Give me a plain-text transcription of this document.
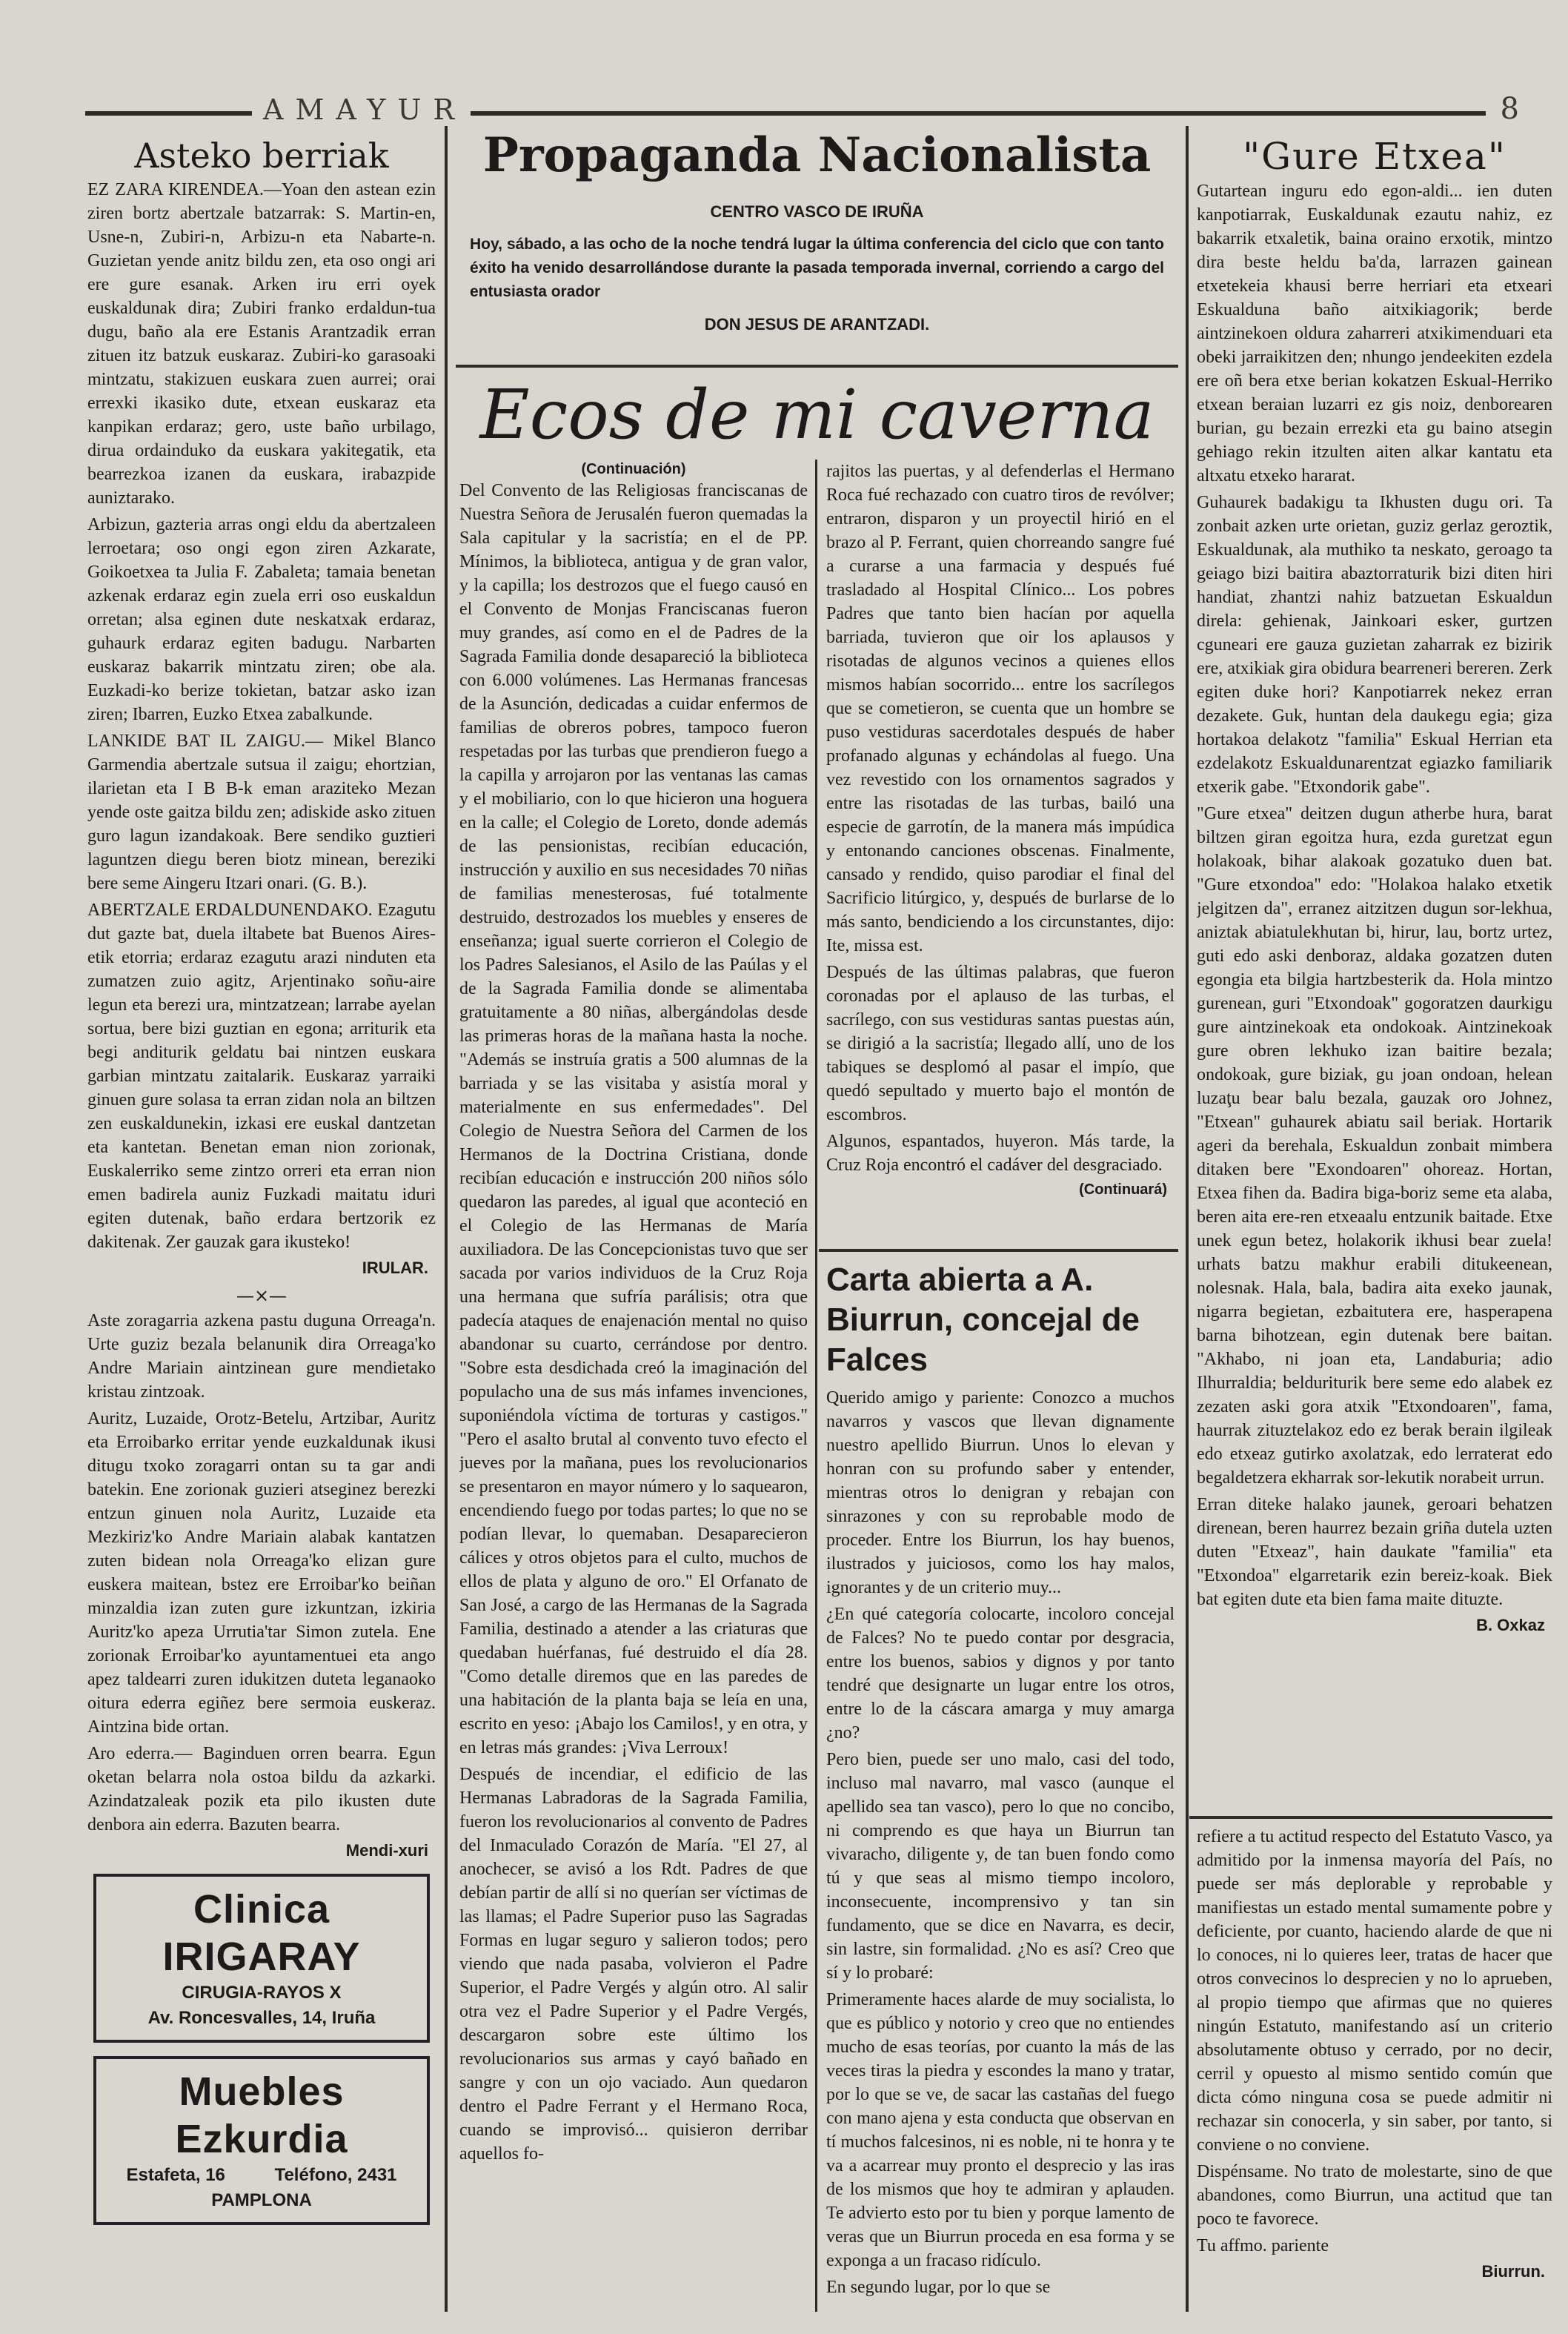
AMAYUR	8
Asteko berriak

EZ ZARA KIRENDEA.—Yoan den astean ezin ziren bortz abertzale batzarrak: S. Martin-en, Usne-n, Zubiri-n, Arbizu-n eta Nabarte-n. Guzietan yende anitz bildu zen, eta oso ongi ari ere gure esanak. Arken iru erri oyek euskaldunak dira; Zubiri franko erdaldun-tua dugu, baño ala ere Estanis Arantzadik erran zituen itz batzuk euskaraz. Zubiri-ko garasoaki mintzatu, stakizuen euskara zuen aurrei; orai errexki ikasiko dute, etxean euskaraz eta kanpikan erdaraz; gero, uste baño urbilago, dirua ordainduko da euskara yakitegatik, eta bearrezkoa izanen da euskara, irabazpide auniztarako.

Arbizun, gazteria arras ongi eldu da abertzaleen lerroetara; oso ongi egon ziren Azkarate, Goikoetxea ta Julia F. Zabaleta; tamaia benetan azkenak erdaraz egin zuela erri oso euskaldun orretan; alsa eginen dute neskatxak erdaraz, guhaurk erdaraz egiten badugu. Narbarten euskaraz bakarrik mintzatu ziren; obe ala. Euzkadi-ko berize tokietan, batzar asko izan ziren; Ibarren, Euzko Etxea zabalkunde.

LANKIDE BAT IL ZAIGU.— Mikel Blanco Garmendia abertzale sutsua il zaigu; ehortzian, ilarietan eta I B B-k eman araziteko Mezan yende oste gaitza bildu zen; adiskide asko zituen guro lagun izandakoak. Bere sendiko guztieri laguntzen diegu beren biotz minean, bereziki bere seme Aingeru Itzari onari. (G. B.).

ABERTZALE ERDALDUNENDAKO. Ezagutu dut gazte bat, duela iltabete bat Buenos Aires-etik etorria; erdaraz ezagutu arazi ninduten eta zumatzen zuio agitz, Arjentinako soñu-aire legun eta berezi ura, mintzatzean; larrabe ayelan sortua, bere bizi guztian en egona; arriturik eta begi anditurik geldatu bai nintzen euskara garbian mintzatu zaitalarik. Euskaraz yarraiki ginuen gure solasa ta erran zidan nola an biltzen zen euskaldunekin, izkasi ere euskal dantzetan eta kantetan. Benetan eman nion zorionak, Euskalerriko seme zintzo orreri eta erran nion emen badirela auniz Fuzkadi maitatu iduri egiten dutenak, baño erdara bertzorik ez dakitenak. Zer gauzak gara ikusteko!

IRULAR.
—×—

Aste zoragarria azkena pastu duguna Orreaga'n. Urte guziz bezala belanunik dira Orreaga'ko Andre Mariain aintzinean gure mendietako kristau zintzoak.

Auritz, Luzaide, Orotz-Betelu, Artzibar, Auritz eta Erroibarko erritar yende euzkaldunak ikusi ditugu txoko zoragarri ontan su ta gar andi batekin. Ene zorionak guzieri atseginez berezki entzun ginuen nola Auritz, Luzaide eta Mezkiriz'ko Andre Mariain alabak kantatzen zuten bidean nola Orreaga'ko elizan gure euskera maitean, bstez ere Erroibar'ko beiñan minzaldia izan zuten gure izkuntzan, izkiria Auritz'ko apeza Urrutia'tar Simon zutela. Ene zorionak Erroibar'ko ayuntamentuei eta ango apez taldearri zuren idukitzen duteta leganaoko oitura ederra egiñez bere sermoia euskeraz. Aintzina bide ortan.

Aro ederra.— Baginduen orren bearra. Egun oketan belarra nola ostoa bildu da azkarki. Azindatzaleak pozik eta pilo ikusten dute denbora ain ederra. Bazuten bearra.

Mendi-xuri
Clinica IRIGARAY
CIRUGIA-RAYOS X
Av. Roncesvalles, 14, Iruña
Muebles Ezkurdia
Estafeta, 16          Teléfono, 2431
PAMPLONA
Propaganda Nacionalista
CENTRO VASCO DE IRUÑA

Hoy, sábado, a las ocho de la noche tendrá lugar la última conferencia del ciclo que con tanto éxito ha venido desarrollándose durante la pasada temporada invernal, corriendo a cargo del entusiasta orador

DON JESUS DE ARANTZADI.
Ecos de mi caverna
(Continuación)

Del Convento de las Religiosas franciscanas de Nuestra Señora de Jerusalén fueron quemadas la Sala capitular y la sacristía; en el de PP. Mínimos, la biblioteca, antigua y de gran valor, y la capilla; los destrozos que el fuego causó en el Convento de Monjas Franciscanas fueron muy grandes, así como en el de Padres de la Sagrada Familia donde desapareció la biblioteca con 6.000 volúmenes. Las Hermanas francesas de la Asunción, dedicadas a cuidar enfermos de familias de obreros pobres, tampoco fueron respetadas por las turbas que prendieron fuego a la capilla y arrojaron por las ventanas las camas y el mobiliario, con lo que hicieron una hoguera en la calle; el Colegio de Loreto, donde además de las pensionistas, recibían educación, instrucción y auxilio en sus necesidades 70 niñas de familias menesterosas, fué totalmente destruido, destrozados los muebles y enseres de enseñanza; igual suerte corrieron el Colegio de los Padres Salesianos, el Asilo de las Paúlas y el de la Sagrada Familia donde se alimentaba gratuitamente a 80 niñas, albergándolas desde las primeras horas de la mañana hasta la noche. "Además se instruía gratis a 500 alumnas de la barriada y se las visitaba y asistía moral y materialmente en sus enfermedades". Del Colegio de Nuestra Señora del Carmen de los Hermanos de la Doctrina Cristiana, donde recibían educación e instrucción 200 niños sólo quedaron las paredes, al igual que aconteció en el Colegio de las Hermanas de María auxiliadora. De las Concepcionistas tuvo que ser sacada por varios individuos de la Cruz Roja una hermana que sufría parálisis; otra que padecía ataques de enajenación mental no quiso abandonar su cuarto, cerrándose por dentro. "Sobre esta desdichada creó la imaginación del populacho una de sus más infames invenciones, suponiéndola víctima de torturas y castigos." "Pero el asalto brutal al convento tuvo efecto el jueves por la mañana, pues los revolucionarios se presentaron en mayor número y lo saquearon, encendiendo fuego por todas partes; lo que no se podían llevar, lo quemaban. Desaparecieron cálices y otros objetos para el culto, muchos de ellos de plata y alguno de oro." El Orfanato de San José, a cargo de las Hermanas de la Sagrada Familia, destinado a atender a las criaturas que quedaban huérfanas, fué destruido el día 28. "Como detalle diremos que en las paredes de una habitación de la planta baja se leía en una, escrito en yeso: ¡Abajo los Camilos!, y en otra, y en letras más grandes: ¡Viva Lerroux!

Después de incendiar, el edificio de las Hermanas Labradoras de la Sagrada Familia, fueron los revolucionarios al convento de Padres del Inmaculado Corazón de María. "El 27, al anochecer, se avisó a los Rdt. Padres de que debían partir de allí si no querían ser víctimas de las llamas; el Padre Superior puso las Sagradas Formas en lugar seguro y salieron todos; pero viendo que nada pasaba, volvieron el Padre Superior, el Padre Vergés y algún otro. Al salir otra vez el Padre Superior y el Padre Vergés, descargaron sobre este último los revolucionarios sus armas y cayó bañado en sangre y con un ojo vaciado. Aun quedaron dentro el Padre Ferrant y el Hermano Roca, cuando se improvisó... quisieron derribar aquellos fo-

rajitos las puertas, y al defenderlas el Hermano Roca fué rechazado con cuatro tiros de revólver; entraron, disparon y un proyectil hirió en el brazo al P. Ferrant, quien chorreando sangre fué a curarse a una farmacia y después fué trasladado al Hospital Clínico... Los pobres Padres que tanto bien hacían por aquella barriada, tuvieron que oir los aplausos y risotadas de algunos vecinos a quienes ellos mismos habían socorrido... entre los sacrílegos que se cometieron, se cuenta que un hombre se puso vestiduras sacerdotales después de haber profanado algunas y echándolas al fuego. Una vez revestido con los ornamentos sagrados y entre las risotadas de las turbas, bailó una especie de garrotín, de la manera más impúdica y entonando canciones obscenas. Finalmente, cansado y rendido, quiso parodiar el final del Sacrificio litúrgico, y, después de burlarse de lo más santo, bendiciendo a los circunstantes, dijo: Ite, missa est.

Después de las últimas palabras, que fueron coronadas por el aplauso de las turbas, el sacrílego, con sus vestiduras santas puestas aún, se dirigió a la sacristía; llegado allí, uno de los tabiques se desplomó al pasar el impío, que quedó sepultado y muerto bajo el montón de escombros.

Algunos, espantados, huyeron. Más tarde, la Cruz Roja encontró el cadáver del desgraciado.

(Continuará)
Carta abierta a A. Biurrun, concejal de Falces

Querido amigo y pariente: Conozco a muchos navarros y vascos que llevan dignamente nuestro apellido Biurrun. Unos lo elevan y honran con su profundo saber y entender, mientras otros lo denigran y rebajan con sinrazones y con su reprobable modo de proceder. Entre los Biurrun, los hay buenos, ilustrados y juiciosos, como los hay malos, ignorantes y de un criterio muy...

¿En qué categoría colocarte, incoloro concejal de Falces? No te puedo contar por desgracia, entre los buenos, sabios y dignos y por tanto tendré que designarte un lugar entre los otros, entre lo de la cáscara amarga y muy amarga ¿no?

Pero bien, puede ser uno malo, casi del todo, incluso mal navarro, mal vasco (aunque el apellido sea tan vasco), pero lo que no concibo, ni comprendo es que haya un Biurrun tan vivaracho, diligente y, de tan buen fondo como tú y que seas al mismo tiempo incoloro, inconsecuente, incomprensivo y tan sin fundamento, que se dice en Navarra, es decir, sin lastre, sin formalidad. ¿No es así? Creo que sí y lo probaré:

Primeramente haces alarde de muy socialista, lo que es público y notorio y creo que no entiendes mucho de esas teorías, por cuanto la más de las veces tiras la piedra y escondes la mano y tratar, por lo que se ve, de sacar las castañas del fuego con mano ajena y esta conducta que observan en tí muchos falcesinos, ni es noble, ni te honra y te va a acarrear muy pronto el desprecio y las iras de los mismos que hoy te admiran y aplauden. Te advierto esto por tu bien y porque lamento de veras que un Biurrun proceda en esa forma y se exponga a un fracaso ridículo.

En segundo lugar, por lo que se

"Gure Etxea"

Gutartean inguru edo egon-aldi... ien duten kanpotiarrak, Euskaldunak ezautu nahiz, ez bakarrik etxaletik, baina oraino erxotik, mintzo dira beste heldu ba'da, larrazen gainean etxetekeia khausi berre herriari eta etxeari Eskualduna baño aitxikiagorik; berde aintzinekoen oldura zaharreri atxikimenduari eta obeki jarraikitzen den; nhungo jendeekiten ezdela ere oñ bera etxe berian kokatzen Eskual-Herriko etxean beraian luzarri ez gis noiz, denborearen burian, gu bezain errezki eta gu baino atsegin gehiago rekin itzulten aiten alkar kantatu eta altxatu etxeko hararat.

Guhaurek badakigu ta Ikhusten dugu ori. Ta zonbait azken urte orietan, guziz gerlaz geroztik, Eskualdunak, ala muthiko ta neskato, geroago ta geiago bizi baitira abaztorraturik bizi diten hiri handiat, zhantzi nahiz batzuetan Eskualdun direla: gehienak, Jainkoari esker, gurtzen cguneari ere gauza guzietan zaharrak ez bizirik ere, atxikiak gira obidura bearreneri bereren. Zerk egiten duke hori? Kanpotiarrek nekez erran dezakete. Guk, huntan dela daukegu egia; giza hortakoa delakotz "familia" Eskual Herrian eta ezdelakotz Eskualdunarentzat egiazko familiarik etxerik gabe. "Etxondorik gabe".

"Gure etxea" deitzen dugun atherbe hura, barat biltzen giran egoitza hura, ezda guretzat egun holakoak, bihar alakoak gozatuko duen bat. "Gure etxondoa" edo: "Holakoa halako etxetik jelgitzen da", erranez aitzitzen dugun sor-lekhua, aniztak abiatulekhutan bi, hirur, lau, bortz urtez, guti edo aski denboraz, aldaka gozatzen duten egongia eta bilgia hartzbesterik da. Hola mintzo gurenean, guri "Etxondoak" gogoratzen daurkigu gure aintzinekoak eta ondokoak. Aintzinekoak gure obren lekhuko izan baitire bezala; ondokoak, gure biziak, gu joan ondoan, helean luzaţu bear balu bezala, gauzak oro Johnez, "Etxean" guhaurek abiatu sail beriak. Hortarik ageri da berehala, Eskualdun zonbait mimbera ditaken bere "Exondoaren" ohoreaz. Hortan, Etxea fihen da. Badira biga-boriz seme eta alaba, beren aita ere-ren etxeaalu entzunik baitade. Etxe unek egun betez, holakorik ikhusi bear zuela! urhats batzu makhur erabili ditukeenean, nolesnak. Hala, bala, badira aita exeko jaunak, nigarra begietan, ezbaitutera ere, hasperapena barna bihotzean, egin dutenak bere baitan. "Akhabo, ni joan eta, Landaburia; adio Ilhurraldia; belduriturik bere seme edo alabek ez zezaten aski gora atxik "Etxondoaren", fama, haurrak zituztelakoz edo ez berak berain ilgileak edo etxeaz gutirko axolatzak, edo lerraterat edo begaldetzera ekharrak sor-lekutik norabeit urrun.

Erran diteke halako jaunek, geroari behatzen direnean, beren haurrez bezain griña dutela uzten duten "Etxeaz", hain daukate "familia" eta "Etxondoa" elgarretarik ezin bereiz-koak. Biek bat egiten dute eta bien fama maite dituzte.

B. Oxkaz

refiere a tu actitud respecto del Estatuto Vasco, ya admitido por la inmensa mayoría del País, no puede ser más deplorable y reprobable y manifiestas un estado mental sumamente pobre y deficiente, por cuanto, haciendo alarde de que ni lo conoces, ni lo quieres leer, tratas de hacer que otros convecinos lo desprecien y no lo aprueben, al propio tiempo que afirmas que no quieres ningún Estatuto, manifestando así un criterio absolutamente obtuso y cerrado, por no decir, cerril y opuesto al mismo sentido común que dicta cómo ninguna cosa se puede admitir ni rechazar sin conocerla, y sin saber, por tanto, si conviene o no conviene.

Dispénsame. No trato de molestarte, sino de que abandones, como Biurrun, una actitud que tan poco te favorece.

Tu affmo. pariente

Biurrun.
